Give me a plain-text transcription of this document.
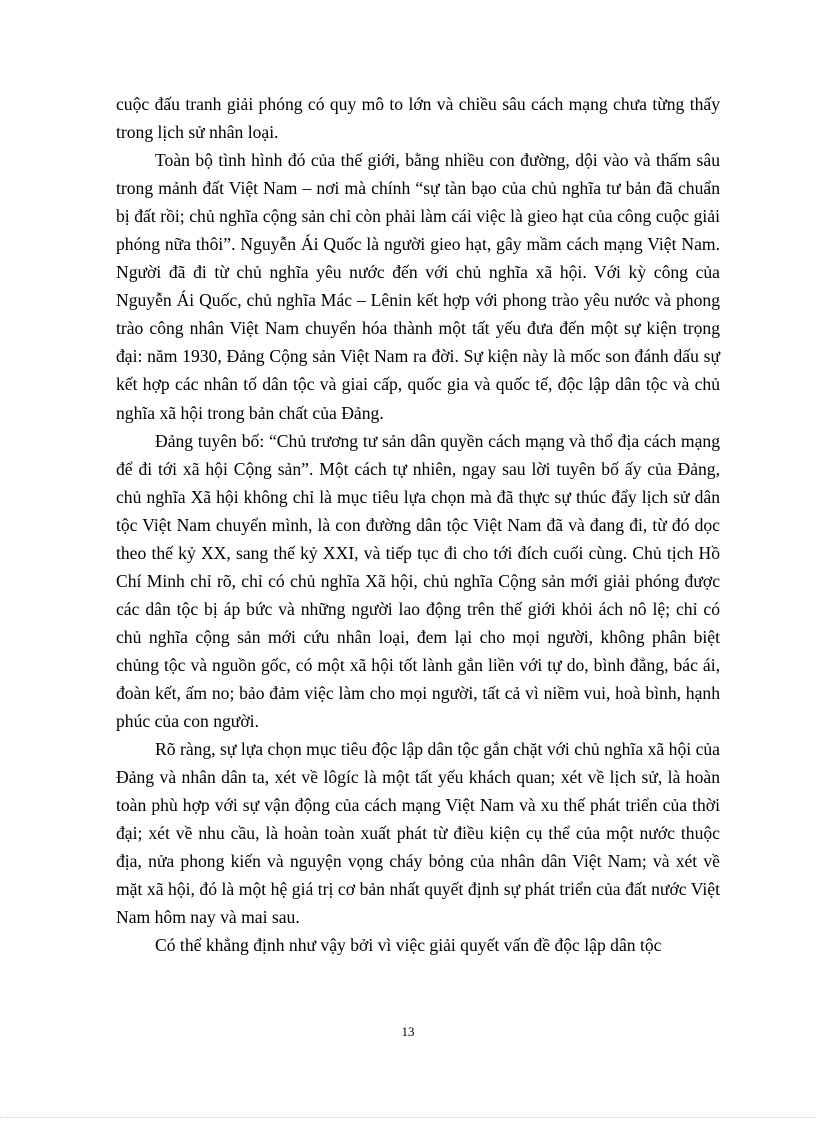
cuộc đấu tranh giải phóng có quy mô to lớn và chiều sâu cách mạng chưa từng thấy trong lịch sử nhân loại.

Toàn bộ tình hình đó của thế giới, bằng nhiều con đường, dội vào và thấm sâu trong mảnh đất Việt Nam – nơi mà chính “sự tàn bạo của chủ nghĩa tư bản đã chuẩn bị đất rồi; chủ nghĩa cộng sản chỉ còn phải làm cái việc là gieo hạt của công cuộc giải phóng nữa thôi”. Nguyễn Ái Quốc là người gieo hạt, gây mầm cách mạng Việt Nam. Người đã đi từ chủ nghĩa yêu nước đến với chủ nghĩa xã hội. Với kỳ công của Nguyễn Ái Quốc, chủ nghĩa Mác – Lênin kết hợp với phong trào yêu nước và phong trào công nhân Việt Nam chuyển hóa thành một tất yếu đưa đến một sự kiện trọng đại: năm 1930, Đảng Cộng sản Việt Nam ra đời. Sự kiện này là mốc son đánh dấu sự kết hợp các nhân tố dân tộc và giai cấp, quốc gia và quốc tế, độc lập dân tộc và chủ nghĩa xã hội trong bản chất của Đảng.

Đảng tuyên bố: “Chủ trương tư sản dân quyền cách mạng và thổ địa cách mạng để đi tới xã hội Cộng sản”. Một cách tự nhiên, ngay sau lời tuyên bố ấy của Đảng, chủ nghĩa Xã hội không chỉ là mục tiêu lựa chọn mà đã thực sự thúc đẩy lịch sử dân tộc Việt Nam chuyển mình, là con đường dân tộc Việt Nam đã và đang đi, từ đó dọc theo thế kỷ XX, sang thế kỷ XXI, và tiếp tục đi cho tới đích cuối cùng. Chủ tịch Hồ Chí Minh chỉ rõ, chỉ có chủ nghĩa Xã hội, chủ nghĩa Cộng sản mới giải phóng được các dân tộc bị áp bức và những người lao động trên thế giới khỏi ách nô lệ; chỉ có chủ nghĩa cộng sản mới cứu nhân loại, đem lại cho mọi người, không phân biệt chủng tộc và nguồn gốc, có một xã hội tốt lành gắn liền với tự do, bình đẳng, bác ái, đoàn kết, ấm no; bảo đảm việc làm cho mọi người, tất cả vì niềm vui, hoà bình, hạnh phúc của con người.

Rõ ràng, sự lựa chọn mục tiêu độc lập dân tộc gắn chặt với chủ nghĩa xã hội của Đảng và nhân dân ta, xét về lôgíc là một tất yếu khách quan; xét về lịch sử, là hoàn toàn phù hợp với sự vận động của cách mạng Việt Nam và xu thế phát triển của thời đại; xét về nhu cầu, là hoàn toàn xuất phát từ điều kiện cụ thể của một nước thuộc địa, nửa phong kiến và nguyện vọng cháy bỏng của nhân dân Việt Nam; và xét về mặt xã hội, đó là một hệ giá trị cơ bản nhất quyết định sự phát triển của đất nước Việt Nam hôm nay và mai sau.

Có thể khẳng định như vậy bởi vì việc giải quyết vấn đề độc lập dân tộc

13
